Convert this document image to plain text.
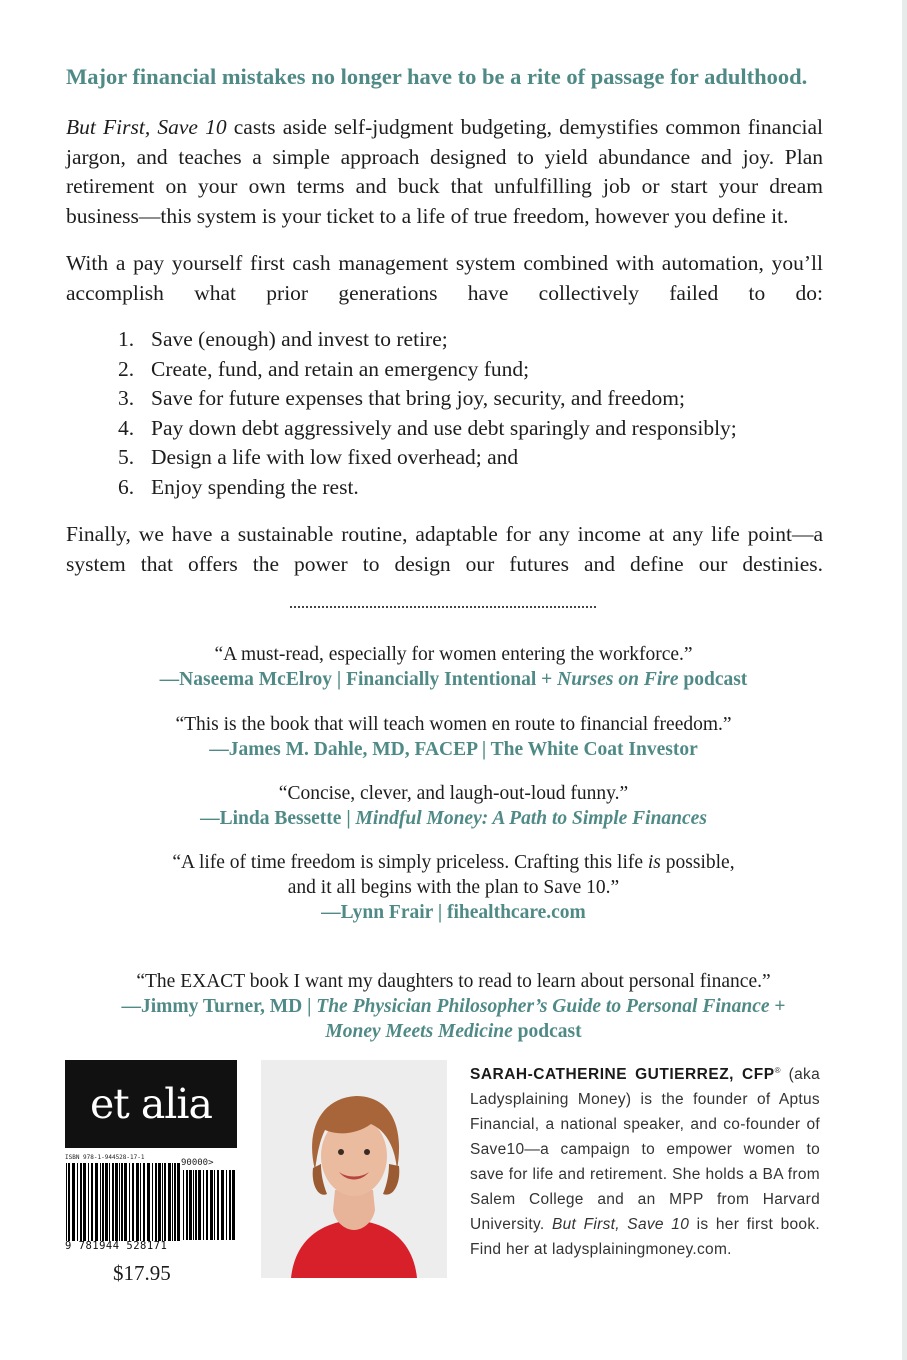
Major financial mistakes no longer have to be a rite of passage for adulthood.

But First, Save 10 casts aside self-judgment budgeting, demystifies common financial jargon, and teaches a simple approach designed to yield abundance and joy. Plan retirement on your own terms and buck that unfulfilling job or start your dream business—this system is your ticket to a life of true freedom, however you define it.

With a pay yourself first cash management system combined with automation, you’ll accomplish what prior generations have collectively failed to do:

1. Save (enough) and invest to retire;
2. Create, fund, and retain an emergency fund;
3. Save for future expenses that bring joy, security, and freedom;
4. Pay down debt aggressively and use debt sparingly and responsibly;
5. Design a life with low fixed overhead; and
6. Enjoy spending the rest.

Finally, we have a sustainable routine, adaptable for any income at any life point—a system that offers the power to design our futures and define our destinies.

“A must-read, especially for women entering the workforce.”
—Naseema McElroy | Financially Intentional + Nurses on Fire podcast
“This is the book that will teach women en route to financial freedom.”
—James M. Dahle, MD, FACEP | The White Coat Investor
“Concise, clever, and laugh-out-loud funny.”
—Linda Bessette | Mindful Money: A Path to Simple Finances
“A life of time freedom is simply priceless. Crafting this life is possible,
and it all begins with the plan to Save 10.”
—Lynn Frair | fihealthcare.com
“The EXACT book I want my daughters to read to learn about personal finance.”
—Jimmy Turner, MD | The Physician Philosopher’s Guide to Personal Finance +
Money Meets Medicine podcast
et alia
ISBN 978-1-944528-17-1
90000>
9 781944 528171
$17.95

SARAH-CATHERINE GUTIERREZ, CFP® (aka Ladysplaining Money) is the founder of Aptus Financial, a national speaker, and co-founder of Save10—a campaign to empower women to save for life and retirement. She holds a BA from Salem College and an MPP from Harvard University. But First, Save 10 is her first book. Find her at ladysplainingmoney.com.
